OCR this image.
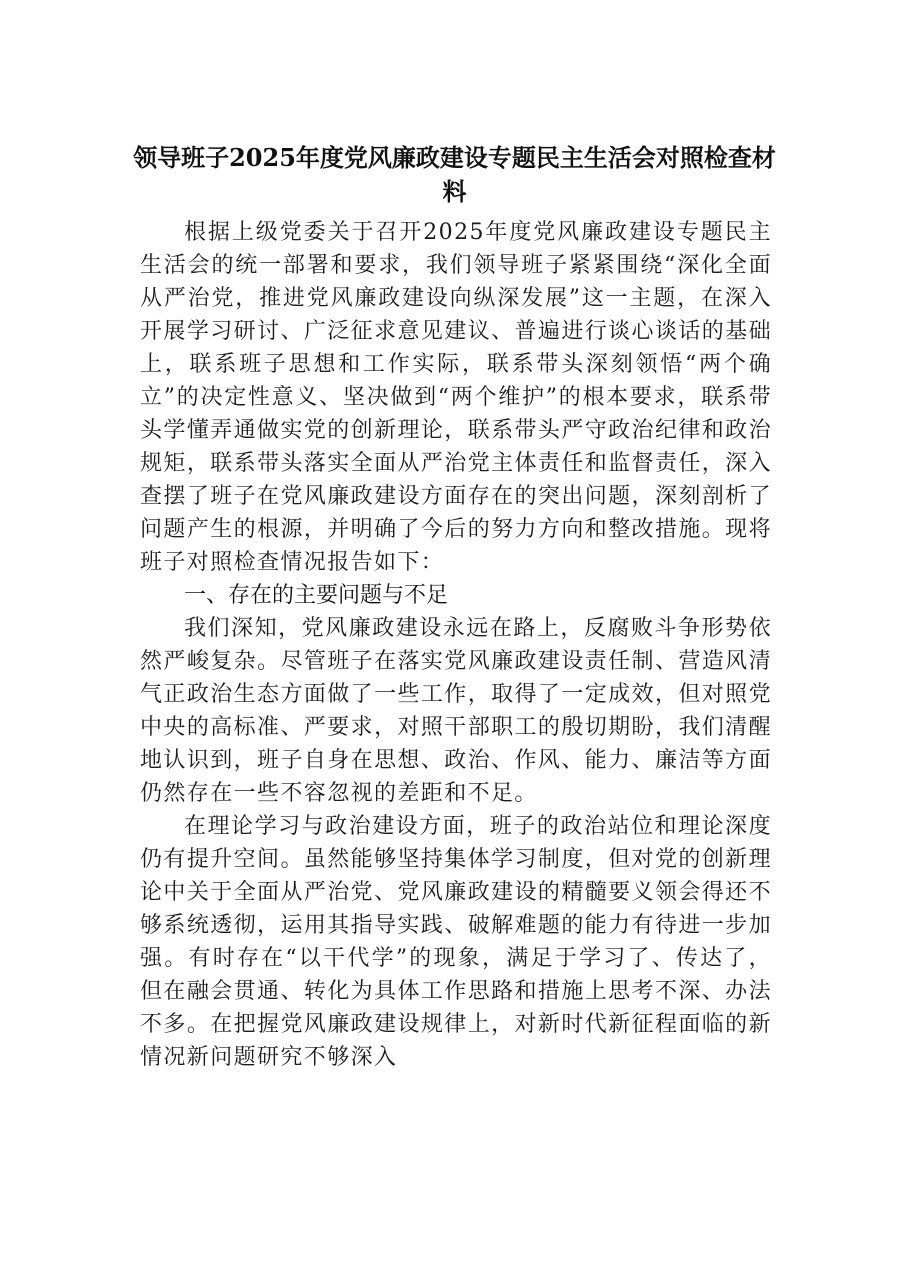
领导班子2025年度党风廉政建设专题民主生活会对照检查材料

根据上级党委关于召开2025年度党风廉政建设专题民主生活会的统一部署和要求，我们领导班子紧紧围绕“深化全面从严治党，推进党风廉政建设向纵深发展”这一主题，在深入开展学习研讨、广泛征求意见建议、普遍进行谈心谈话的基础上，联系班子思想和工作实际，联系带头深刻领悟“两个确立”的决定性意义、坚决做到“两个维护”的根本要求，联系带头学懂弄通做实党的创新理论，联系带头严守政治纪律和政治规矩，联系带头落实全面从严治党主体责任和监督责任，深入查摆了班子在党风廉政建设方面存在的突出问题，深刻剖析了问题产生的根源，并明确了今后的努力方向和整改措施。现将班子对照检查情况报告如下：

一、存在的主要问题与不足

我们深知，党风廉政建设永远在路上，反腐败斗争形势依然严峻复杂。尽管班子在落实党风廉政建设责任制、营造风清气正政治生态方面做了一些工作，取得了一定成效，但对照党中央的高标准、严要求，对照干部职工的殷切期盼，我们清醒地认识到，班子自身在思想、政治、作风、能力、廉洁等方面仍然存在一些不容忽视的差距和不足。

在理论学习与政治建设方面，班子的政治站位和理论深度仍有提升空间。虽然能够坚持集体学习制度，但对党的创新理论中关于全面从严治党、党风廉政建设的精髓要义领会得还不够系统透彻，运用其指导实践、破解难题的能力有待进一步加强。有时存在“以干代学”的现象，满足于学习了、传达了，但在融会贯通、转化为具体工作思路和措施上思考不深、办法不多。在把握党风廉政建设规律上，对新时代新征程面临的新情况新问题研究不够深入
